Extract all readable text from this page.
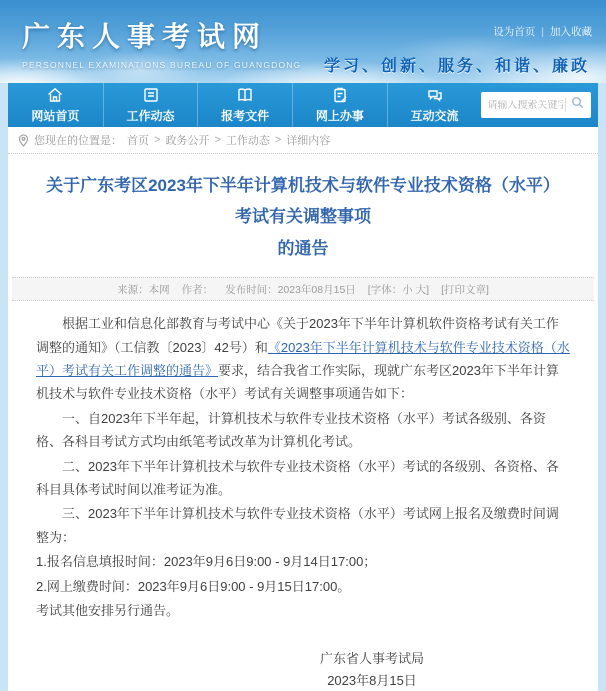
广东人事考试网
PERSONNEL EXAMINATIONS BUREAU OF GUANGDONG
设为首页 | 加入收藏
学习、创新、服务、和谐、廉政
网站首页	工作动态	报考文件	网上办事	互动交流
请输入搜索关键字
您现在的位置是： 首页 > 政务公开 > 工作动态 > 详细内容
关于广东考区2023年下半年计算机技术与软件专业技术资格（水平）考试有关调整事项
的通告
来源：本网 作者： 发布时间：2023年08月15日 [字体：小 大] [打印文章]

根据工业和信息化部教育与考试中心《关于2023年下半年计算机软件资格考试有关工作调整的通知》（工信教〔2023〕42号）和《2023年下半年计算机技术与软件专业技术资格（水平）考试有关工作调整的通告》要求，结合我省工作实际，现就广东考区2023年下半年计算机技术与软件专业技术资格（水平）考试有关调整事项通告如下：

一、自2023年下半年起，计算机技术与软件专业技术资格（水平）考试各级别、各资格、各科目考试方式均由纸笔考试改革为计算机化考试。

二、2023年下半年计算机技术与软件专业技术资格（水平）考试的各级别、各资格、各科目具体考试时间以准考证为准。

三、2023年下半年计算机技术与软件专业技术资格（水平）考试网上报名及缴费时间调整为：

1.报名信息填报时间：2023年9月6日9:00 - 9月14日17:00；

2.网上缴费时间：2023年9月6日9:00 - 9月15日17:00。

考试其他安排另行通告。

广东省人事考试局
2023年8月15日
